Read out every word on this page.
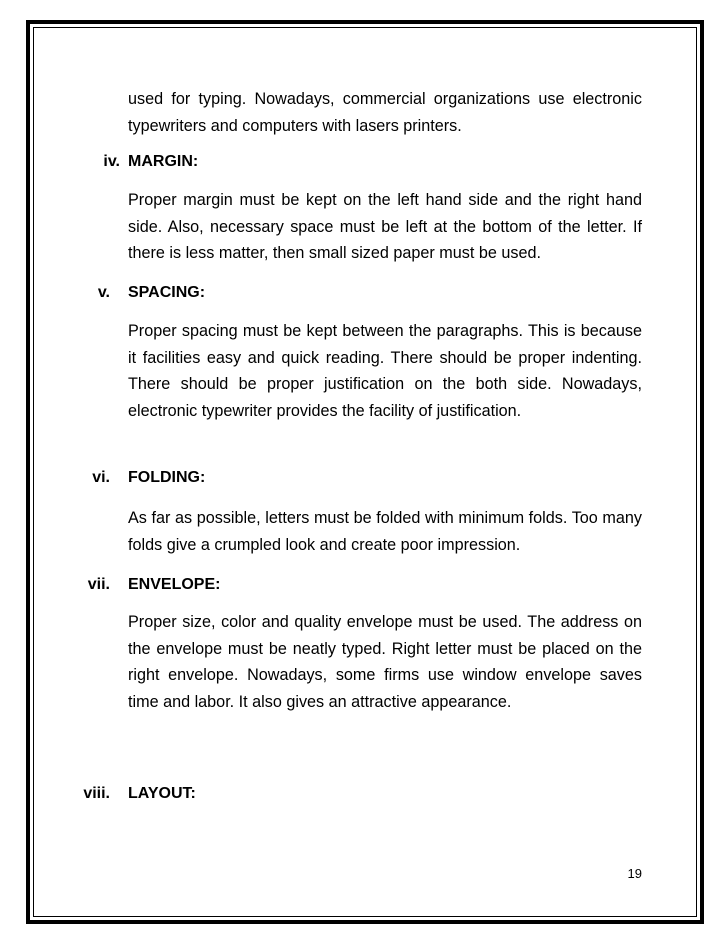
used for typing. Nowadays, commercial organizations use electronic typewriters and computers with lasers printers.

iv. MARGIN:

Proper margin must be kept on the left hand side and the right hand side. Also, necessary space must be left at the bottom of the letter. If there is less matter, then small sized paper must be used.

v. SPACING:

Proper spacing must be kept between the paragraphs. This is because it facilities easy and quick reading. There should be proper indenting. There should be proper justification on the both side. Nowadays, electronic typewriter provides the facility of justification.

vi. FOLDING:

As far as possible, letters must be folded with minimum folds. Too many folds give a crumpled look and create poor impression.

vii. ENVELOPE:

Proper size, color and quality envelope must be used. The address on the envelope must be neatly typed. Right letter must be placed on the right envelope. Nowadays, some firms use window envelope saves time and labor. It also gives an attractive appearance.

viii. LAYOUT:
19
